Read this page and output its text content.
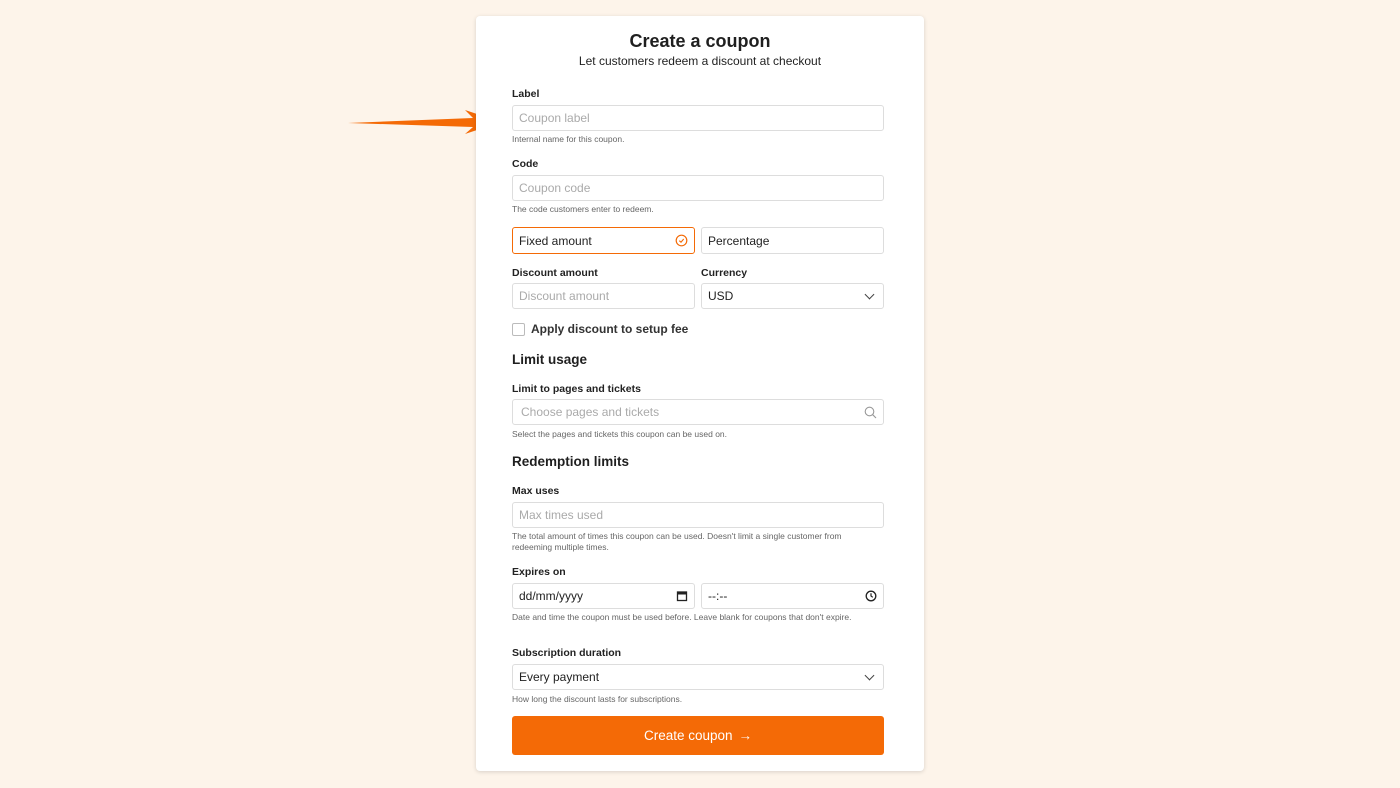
Create a coupon
Let customers redeem a discount at checkout
Label
Coupon label
Internal name for this coupon.
Code
Coupon code
The code customers enter to redeem.
Fixed amount	Percentage
Discount amount	Currency
Discount amount	USD
Apply discount to setup fee
Limit usage
Limit to pages and tickets
Choose pages and tickets
Select the pages and tickets this coupon can be used on.
Redemption limits
Max uses
Max times used
The total amount of times this coupon can be used. Doesn't limit a single customer from redeeming multiple times.
Expires on
dd/mm/yyyy	--:--
Date and time the coupon must be used before. Leave blank for coupons that don't expire.
Subscription duration
Every payment
How long the discount lasts for subscriptions.
Create coupon →
